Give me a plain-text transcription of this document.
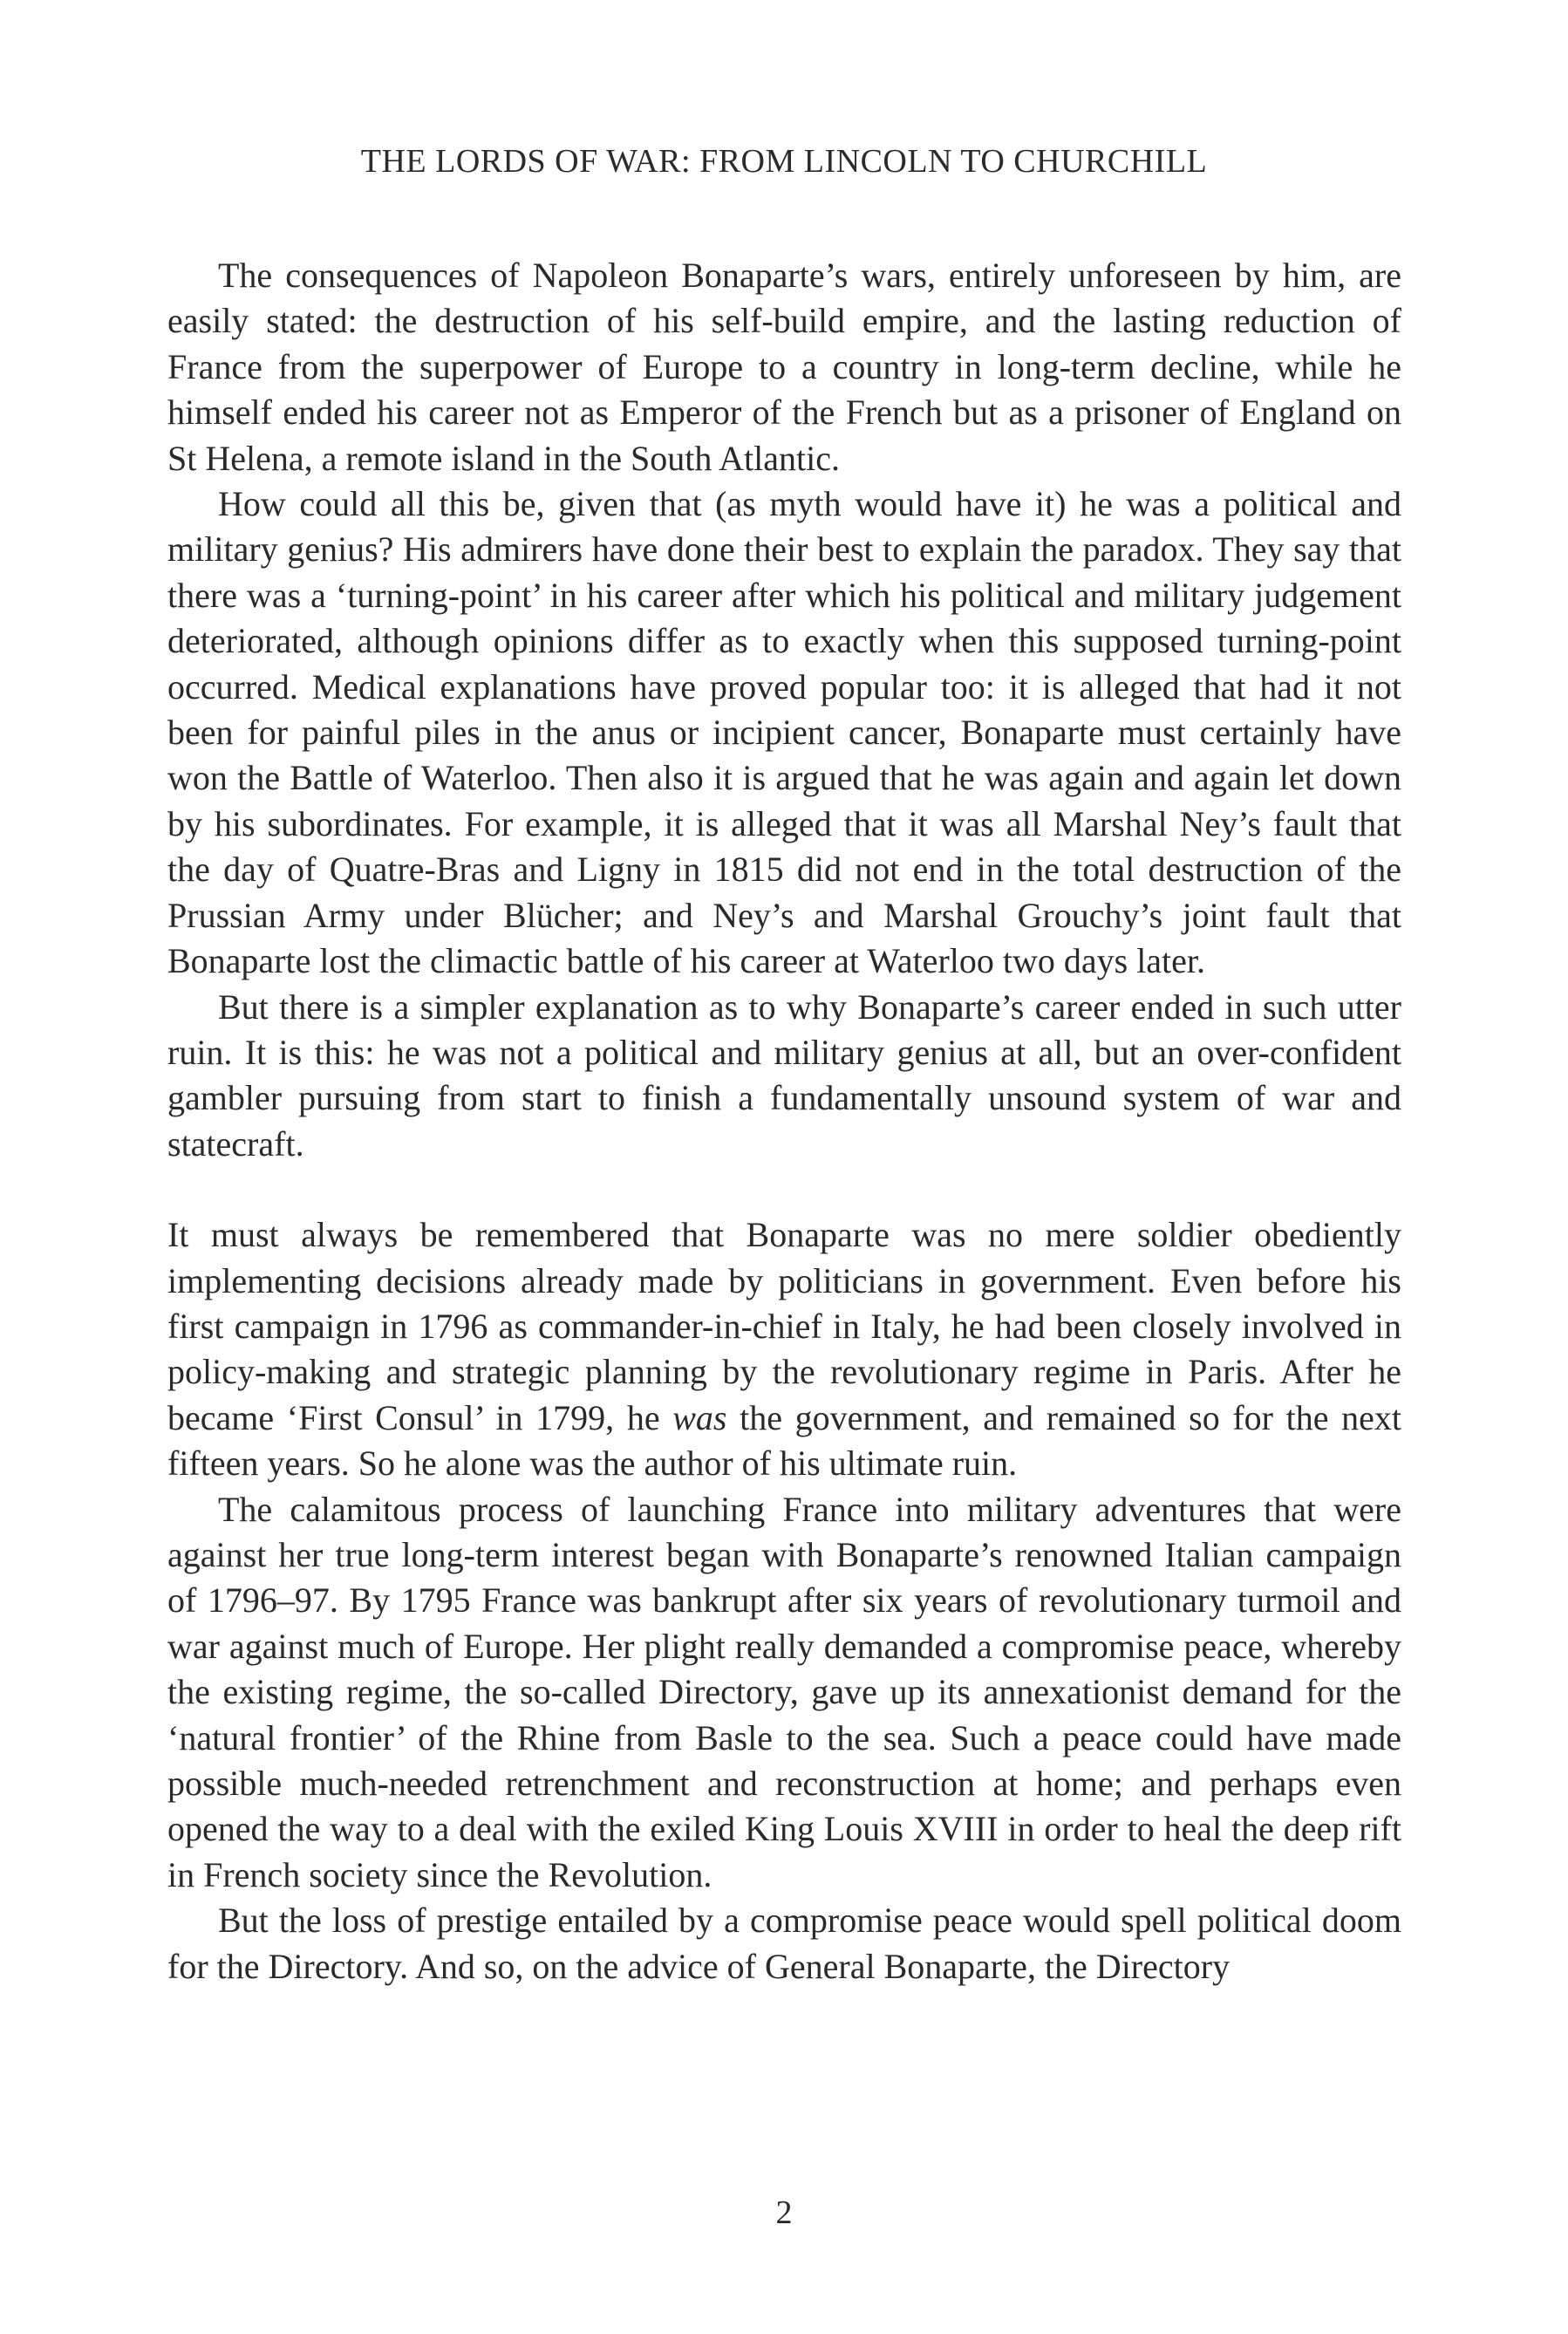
THE LORDS OF WAR: FROM LINCOLN TO CHURCHILL

The consequences of Napoleon Bonaparte’s wars, entirely unforeseen by him, are easily stated: the destruction of his self-build empire, and the lasting reduction of France from the superpower of Europe to a country in long-term decline, while he himself ended his career not as Emperor of the French but as a prisoner of England on St Helena, a remote island in the South Atlantic.

How could all this be, given that (as myth would have it) he was a political and military genius? His admirers have done their best to explain the paradox. They say that there was a ‘turning-point’ in his career after which his political and military judgement deteriorated, although opinions differ as to exactly when this supposed turning-point occurred. Medical explanations have proved popular too: it is alleged that had it not been for painful piles in the anus or incipient cancer, Bonaparte must certainly have won the Battle of Waterloo. Then also it is argued that he was again and again let down by his subordinates. For example, it is alleged that it was all Marshal Ney’s fault that the day of Quatre-Bras and Ligny in 1815 did not end in the total destruction of the Prussian Army under Blücher; and Ney’s and Marshal Grouchy’s joint fault that Bonaparte lost the climactic battle of his career at Waterloo two days later.

But there is a simpler explanation as to why Bonaparte’s career ended in such utter ruin. It is this: he was not a political and military genius at all, but an over-confident gambler pursuing from start to finish a fundamentally unsound system of war and statecraft.

It must always be remembered that Bonaparte was no mere soldier obediently implementing decisions already made by politicians in government. Even before his first campaign in 1796 as commander-in-chief in Italy, he had been closely involved in policy-making and strategic planning by the revolutionary regime in Paris. After he became ‘First Consul’ in 1799, he was the government, and remained so for the next fifteen years. So he alone was the author of his ultimate ruin.

The calamitous process of launching France into military adventures that were against her true long-term interest began with Bonaparte’s renowned Italian campaign of 1796–97. By 1795 France was bankrupt after six years of revolutionary turmoil and war against much of Europe. Her plight really demanded a compromise peace, whereby the existing regime, the so-called Directory, gave up its annexationist demand for the ‘natural frontier’ of the Rhine from Basle to the sea. Such a peace could have made possible much-needed retrenchment and reconstruction at home; and perhaps even opened the way to a deal with the exiled King Louis XVIII in order to heal the deep rift in French society since the Revolution.

But the loss of prestige entailed by a compromise peace would spell political doom for the Directory. And so, on the advice of General Bonaparte, the Directory

2
